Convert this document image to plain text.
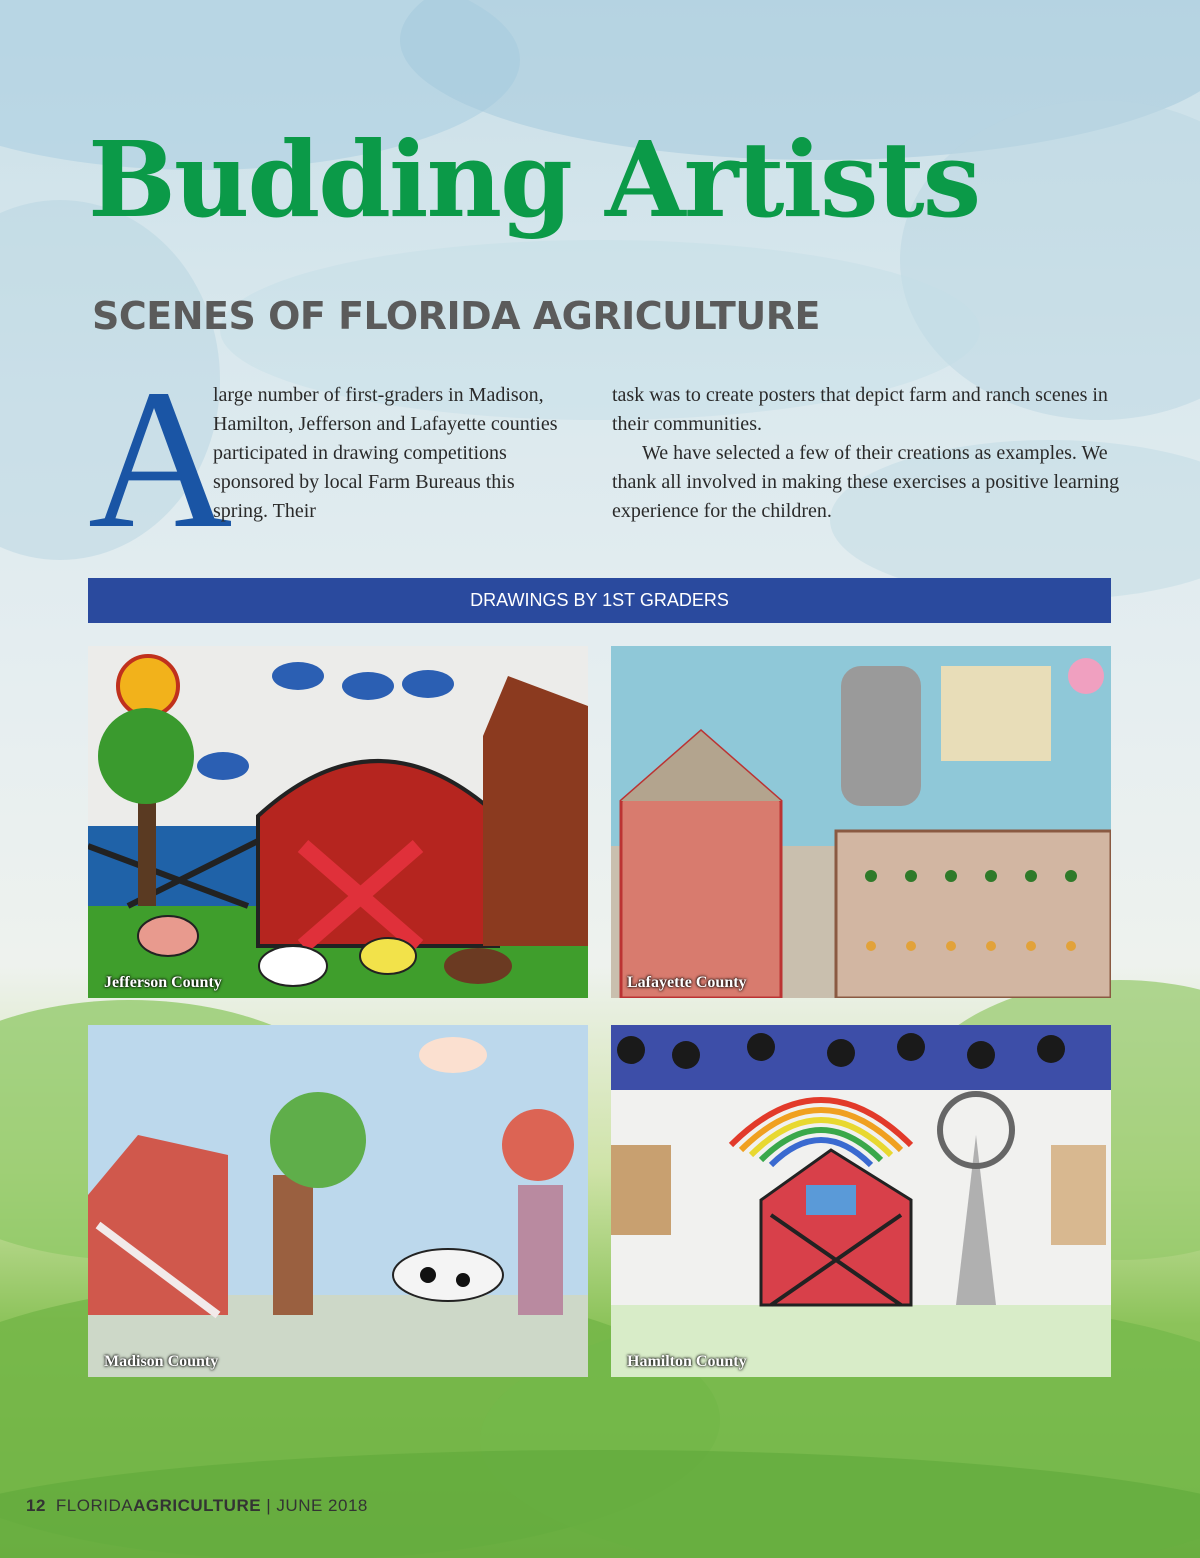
Budding Artists
SCENES OF FLORIDA AGRICULTURE
A

large number of first-graders in Madison, Hamilton, Jefferson and Lafayette counties participated in drawing competitions sponsored by local Farm Bureaus this spring. Their

task was to create posters that depict farm and ranch scenes in their communities.

We have selected a few of their creations as examples. We thank all involved in making these exercises a positive learning experience for the children.

DRAWINGS BY 1ST GRADERS
Jefferson County	Lafayette County
Madison County	Hamilton County
12 FLORIDAAGRICULTURE | JUNE 2018
